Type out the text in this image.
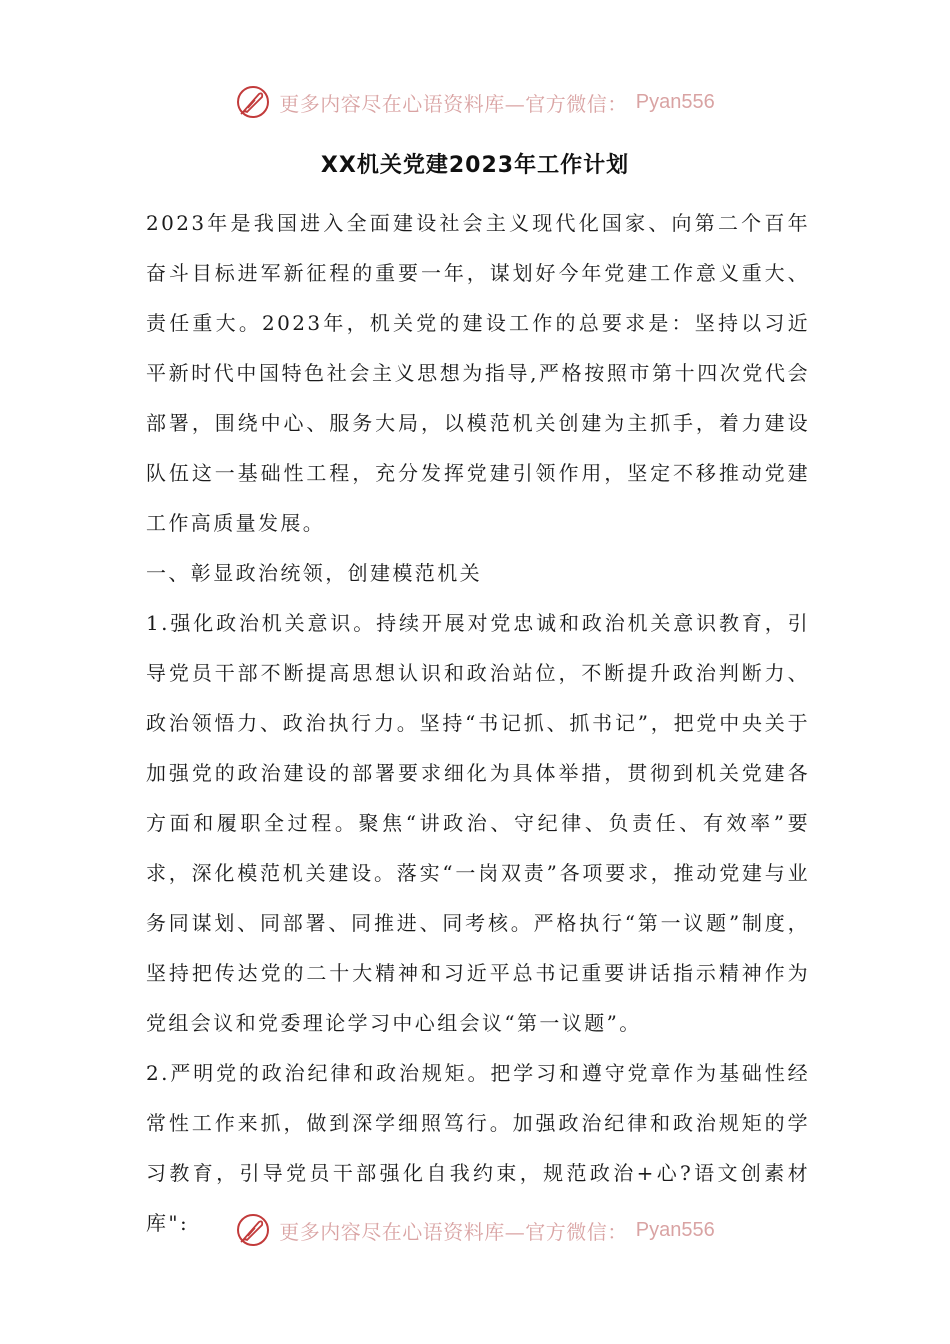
更多内容尽在心语资料库—官方微信： Pyan556
XX机关党建2023年工作计划

2023年是我国进入全面建设社会主义现代化国家、向第二个百年奋斗目标进军新征程的重要一年，谋划好今年党建工作意义重大、责任重大。2023年，机关党的建设工作的总要求是：坚持以习近平新时代中国特色社会主义思想为指导,严格按照市第十四次党代会部署，围绕中心、服务大局，以模范机关创建为主抓手，着力建设队伍这一基础性工程，充分发挥党建引领作用，坚定不移推动党建工作高质量发展。

一、彰显政治统领，创建模范机关

1.强化政治机关意识。持续开展对党忠诚和政治机关意识教育，引导党员干部不断提高思想认识和政治站位，不断提升政治判断力、政治领悟力、政治执行力。坚持“书记抓、抓书记”，把党中央关于加强党的政治建设的部署要求细化为具体举措，贯彻到机关党建各方面和履职全过程。聚焦“讲政治、守纪律、负责任、有效率”要求，深化模范机关建设。落实“一岗双责”各项要求，推动党建与业务同谋划、同部署、同推进、同考核。严格执行“第一议题”制度，坚持把传达党的二十大精神和习近平总书记重要讲话指示精神作为党组会议和党委理论学习中心组会议“第一议题”。

2.严明党的政治纪律和政治规矩。把学习和遵守党章作为基础性经常性工作来抓，做到深学细照笃行。加强政治纪律和政治规矩的学习教育，引导党员干部强化自我约束，规范政治+心?语文创素材库":	更多内容尽在心语资料库—官方微信： Pyan556
